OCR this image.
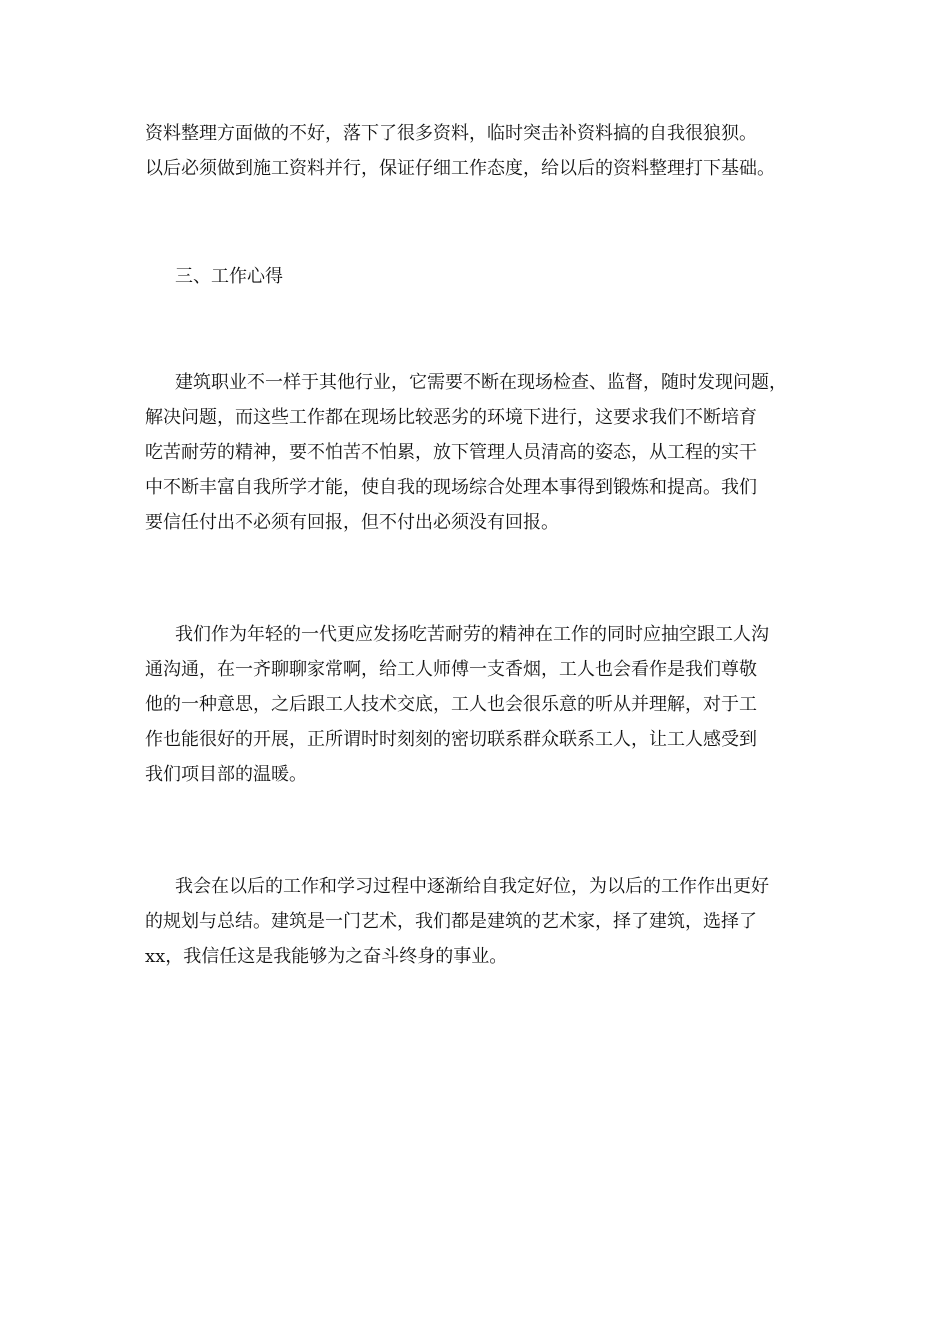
资料整理方面做的不好，落下了很多资料，临时突击补资料搞的自我很狼狈。
以后必须做到施工资料并行，保证仔细工作态度，给以后的资料整理打下基础。
三、工作心得
建筑职业不一样于其他行业，它需要不断在现场检查、监督，随时发现问题，
解决问题，而这些工作都在现场比较恶劣的环境下进行，这要求我们不断培育
吃苦耐劳的精神，要不怕苦不怕累，放下管理人员清高的姿态，从工程的实干
中不断丰富自我所学才能，使自我的现场综合处理本事得到锻炼和提高。我们
要信任付出不必须有回报，但不付出必须没有回报。
我们作为年轻的一代更应发扬吃苦耐劳的精神在工作的同时应抽空跟工人沟
通沟通，在一齐聊聊家常啊，给工人师傅一支香烟，工人也会看作是我们尊敬
他的一种意思，之后跟工人技术交底，工人也会很乐意的听从并理解，对于工
作也能很好的开展，正所谓时时刻刻的密切联系群众联系工人，让工人感受到
我们项目部的温暖。
我会在以后的工作和学习过程中逐渐给自我定好位，为以后的工作作出更好
的规划与总结。建筑是一门艺术，我们都是建筑的艺术家，择了建筑，选择了
xx，我信任这是我能够为之奋斗终身的事业。
